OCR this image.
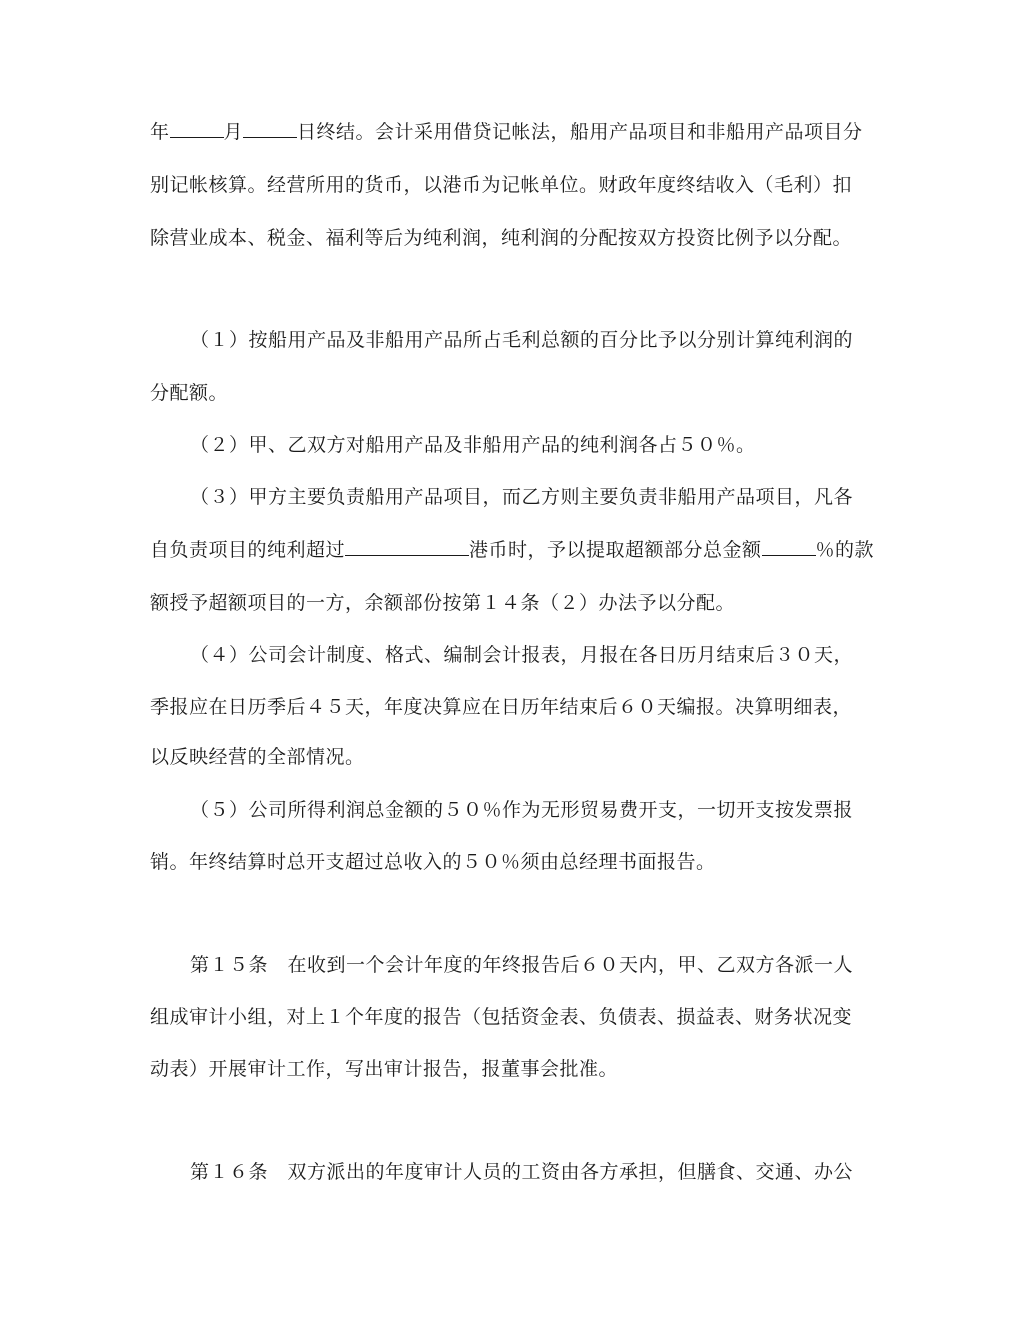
年	月	日终结。会计采用借贷记帐法，船用产品项目和非船用产品项目分
别记帐核算。经营所用的货币，以港币为记帐单位。财政年度终结收入（毛利）扣
除营业成本、税金、福利等后为纯利润，纯利润的分配按双方投资比例予以分配。
（１）按船用产品及非船用产品所占毛利总额的百分比予以分别计算纯利润的
分配额。
（２）甲、乙双方对船用产品及非船用产品的纯利润各占５０％。
（３）甲方主要负责船用产品项目，而乙方则主要负责非船用产品项目，凡各
自负责项目的纯利超过	港币时，予以提取超额部分总金额	％的款
额授予超额项目的一方，余额部份按第１４条（２）办法予以分配。
（４）公司会计制度、格式、编制会计报表，月报在各日历月结束后３０天，
季报应在日历季后４５天，年度决算应在日历年结束后６０天编报。决算明细表，
以反映经营的全部情况。
（５）公司所得利润总金额的５０％作为无形贸易费开支，一切开支按发票报
销。年终结算时总开支超过总收入的５０％须由总经理书面报告。
第１５条　在收到一个会计年度的年终报告后６０天内，甲、乙双方各派一人
组成审计小组，对上１个年度的报告（包括资金表、负债表、损益表、财务状况变
动表）开展审计工作，写出审计报告，报董事会批准。
第１６条　双方派出的年度审计人员的工资由各方承担，但膳食、交通、办公
